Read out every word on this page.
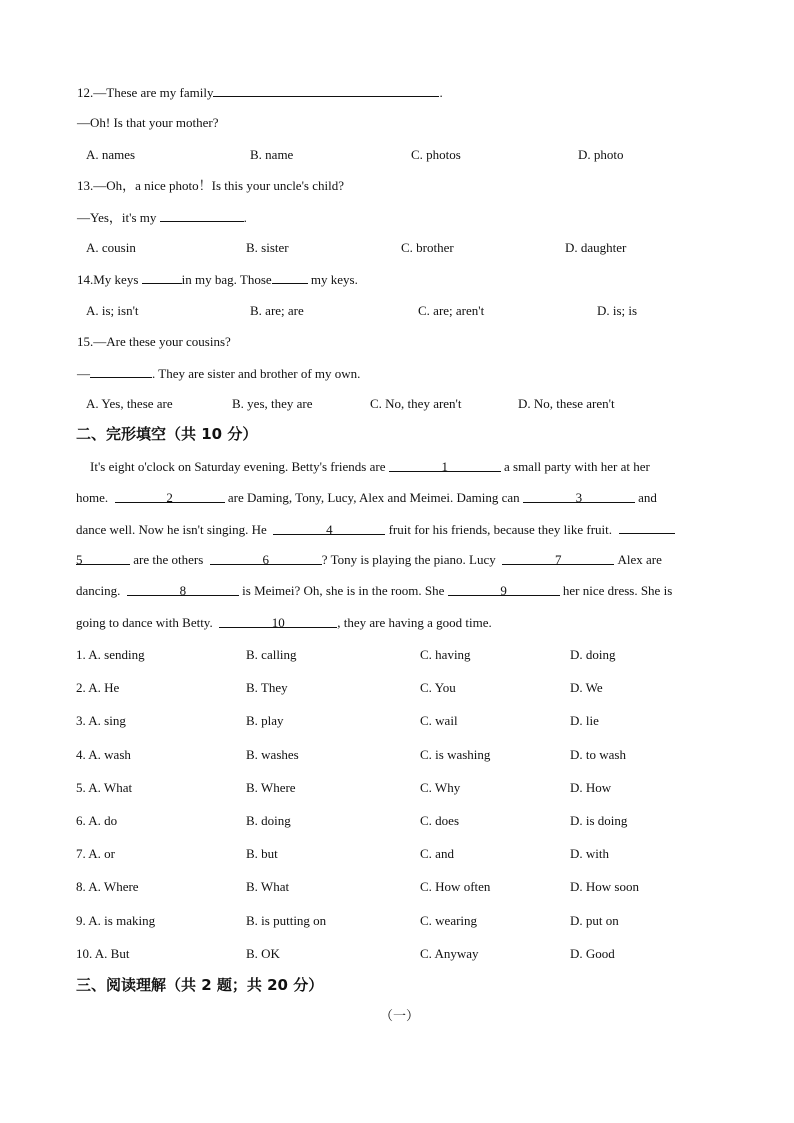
12.—These are my family	.
—Oh! Is that your mother?
A. names	B. name	C. photos	D. photo
13.—Oh，a nice photo！Is this your uncle's child?
—Yes，it's my	.
A. cousin	B. sister	C. brother	D. daughter
14.My keys	in my bag. Those	my keys.
A. is; isn't	B. are; are	C. are; aren't	D. is; is
15.—Are these your cousins?
—	. They are sister and brother of my own.
A. Yes, these are	B. yes, they are	C. No, they aren't	D. No, these aren't
二、完形填空（共 10 分）
It's eight o'clock on Saturday evening. Betty's friends are	1	a small party with her at her
home.	2	are Daming, Tony, Lucy, Alex and Meimei. Daming can	3	and
dance well. Now he isn't singing. He	4	fruit for his friends, because they like fruit.
5	are the others	6	? Tony is playing the piano. Lucy	7	Alex are
dancing.	8	is Meimei? Oh, she is in the room. She	9	her nice dress. She is
going to dance with Betty.	10	, they are having a good time.
1. A. sending	B. calling	C. having	D. doing
2. A. He	B. They	C. You	D. We
3. A. sing	B. play	C. wail	D. lie
4. A. wash	B. washes	C. is washing	D. to wash
5. A. What	B. Where	C. Why	D. How
6. A. do	B. doing	C. does	D. is doing
7. A. or	B. but	C. and	D. with
8. A. Where	B. What	C. How often	D. How soon
9. A. is making	B. is putting on	C. wearing	D. put on
10. A. But	B. OK	C. Anyway	D. Good
三、阅读理解（共 2 题；共 20 分）
（一）
